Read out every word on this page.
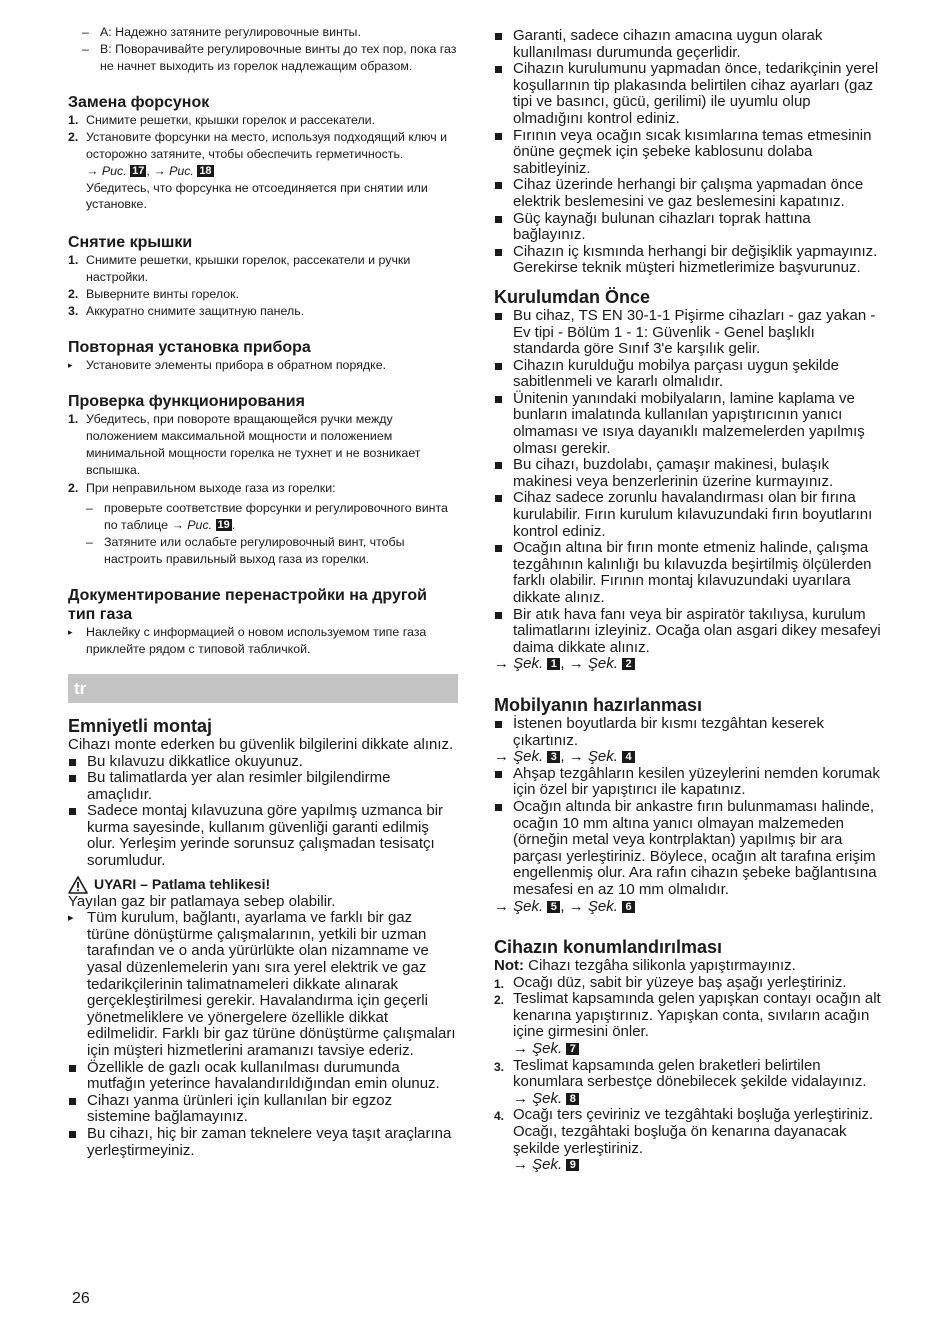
– A: Надежно затяните регулировочные винты.
– B: Поворачивайте регулировочные винты до тех пор, пока газ не начнет выходить из горелок надлежащим образом.
Замена форсунок
1. Снимите решетки, крышки горелок и рассекатели.
2. Установите форсунки на место, используя подходящий ключ и осторожно затяните, чтобы обеспечить герметичность.

→ Рис. 17 , → Рис. 18

Убедитесь, что форсунка не отсоединяется при снятии или установке.

Снятие крышки
1. Снимите решетки, крышки горелок, рассекатели и ручки настройки.
2. Выверните винты горелок.
3. Аккуратно снимите защитную панель.
Повторная установка прибора
▸ Установите элементы прибора в обратном порядке.
Проверка функционирования
1. Убедитесь, при повороте вращающейся ручки между положением максимальной мощности и положением минимальной мощности горелка не тухнет и не возникает вспышка.
2. При неправильном выходе газа из горелки:
– проверьте соответствие форсунки и регулировочного винта по таблице → Рис. 19 .
– Затяните или ослабьте регулировочный винт, чтобы настроить правильный выход газа из горелки.
Документирование перенастройки на другой тип газа
▸ Наклейку с информацией о новом используемом типе газа приклейте рядом с типовой табличкой.
tr
Emniyetli montaj

Cihazı monte ederken bu güvenlik bilgilerini dikkate alınız.

Bu kılavuzu dikkatlice okuyunuz.
Bu talimatlarda yer alan resimler bilgilendirme amaçlıdır.
Sadece montaj kılavuzuna göre yapılmış uzmanca bir kurma sayesinde, kullanım güvenliği garanti edilmiş olur. Yerleşim yerinde sorunsuz çalışmadan tesisatçı sorumludur.
UYARI – Patlama tehlikesi!

Yayılan gaz bir patlamaya sebep olabilir.

▸ Tüm kurulum, bağlantı, ayarlama ve farklı bir gaz türüne dönüştürme çalışmalarının, yetkili bir uzman tarafından ve o anda yürürlükte olan nizamname ve yasal düzenlemelerin yanı sıra yerel elektrik ve gaz tedarikçilerinin talimatnameleri dikkate alınarak gerçekleştirilmesi gerekir. Havalandırma için geçerli yönetmeliklere ve yönergelere özellikle dikkat edilmelidir. Farklı bir gaz türüne dönüştürme çalışmaları için müşteri hizmetlerini aramanızı tavsiye ederiz.
Özellikle de gazlı ocak kullanılması durumunda mutfağın yeterince havalandırıldığından emin olunuz.
Cihazı yanma ürünleri için kullanılan bir egzoz sistemine bağlamayınız.
Bu cihazı, hiç bir zaman teknelere veya taşıt araçlarına yerleştirmeyiniz.
Garanti, sadece cihazın amacına uygun olarak kullanılması durumunda geçerlidir.
Cihazın kurulumunu yapmadan önce, tedarikçinin yerel koşullarının tip plakasında belirtilen cihaz ayarları (gaz tipi ve basıncı, gücü, gerilimi) ile uyumlu olup olmadığını kontrol ediniz.
Fırının veya ocağın sıcak kısımlarına temas etmesinin önüne geçmek için şebeke kablosunu dolaba sabitleyiniz.
Cihaz üzerinde herhangi bir çalışma yapmadan önce elektrik beslemesini ve gaz beslemesini kapatınız.
Güç kaynağı bulunan cihazları toprak hattına bağlayınız.
Cihazın iç kısmında herhangi bir değişiklik yapmayınız. Gerekirse teknik müşteri hizmetlerimize başvurunuz.
Kurulumdan Önce
Bu cihaz, TS EN 30-1-1 Pişirme cihazları - gaz yakan - Ev tipi - Bölüm 1 - 1: Güvenlik - Genel başlıklı standarda göre Sınıf 3'e karşılık gelir.
Cihazın kurulduğu mobilya parçası uygun şekilde sabitlenmeli ve kararlı olmalıdır.
Ünitenin yanındaki mobilyaların, lamine kaplama ve bunların imalatında kullanılan yapıştırıcının yanıcı olmaması ve ısıya dayanıklı malzemelerden yapılmış olması gerekir.
Bu cihazı, buzdolabı, çamaşır makinesi, bulaşık makinesi veya benzerlerinin üzerine kurmayınız.
Cihaz sadece zorunlu havalandırması olan bir fırına kurulabilir. Fırın kurulum kılavuzundaki fırın boyutlarını kontrol ediniz.
Ocağın altına bir fırın monte etmeniz halinde, çalışma tezgâhının kalınlığı bu kılavuzda beşirtilmiş ölçülerden farklı olabilir. Fırının montaj kılavuzundaki uyarılara dikkate alınız.
Bir atık hava fanı veya bir aspiratör takılıysa, kurulum talimatlarını izleyiniz. Ocağa olan asgari dikey mesafeyi daima dikkate alınız.
→ Şek. 1 , → Şek. 2
Mobilyanın hazırlanması
İstenen boyutlarda bir kısmı tezgâhtan keserek çıkartınız.
→ Şek. 3 , → Şek. 4
Ahşap tezgâhların kesilen yüzeylerini nemden korumak için özel bir yapıştırıcı ile kapatınız.
Ocağın altında bir ankastre fırın bulunmaması halinde, ocağın 10 mm altına yanıcı olmayan malzemeden (örneğin metal veya kontrplaktan) yapılmış bir ara parçası yerleştiriniz. Böylece, ocağın alt tarafına erişim engellenmiş olur. Ara rafın cihazın şebeke bağlantısına mesafesi en az 10 mm olmalıdır.
→ Şek. 5 , → Şek. 6
Cihazın konumlandırılması

Not: Cihazı tezgâha silikonla yapıştırmayınız.

1. Ocağı düz, sabit bir yüzeye baş aşağı yerleştiriniz.
2. Teslimat kapsamında gelen yapışkan contayı ocağın alt kenarına yapıştırınız. Yapışkan conta, sıvıların acağın içine girmesini önler.
→ Şek. 7
3. Teslimat kapsamında gelen braketleri belirtilen konumlara serbestçe dönebilecek şekilde vidalayınız.
→ Şek. 8
4. Ocağı ters çeviriniz ve tezgâhtaki boşluğa yerleştiriniz. Ocağı, tezgâhtaki boşluğa ön kenarına dayanacak şekilde yerleştiriniz.
→ Şek. 9
26
